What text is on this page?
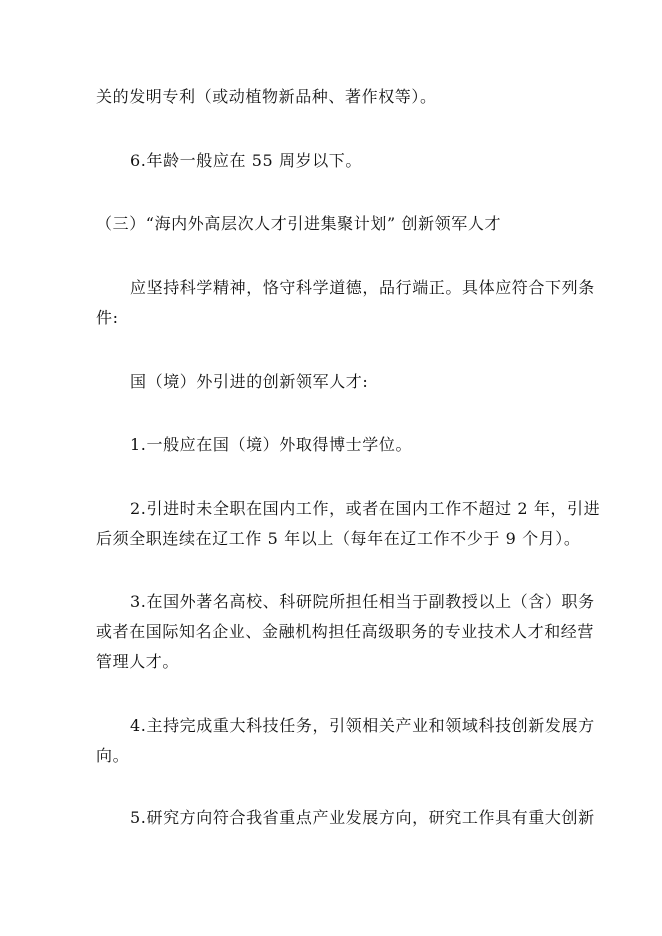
关的发明专利（或动植物新品种、著作权等）。
6.年龄一般应在 55 周岁以下。
（三）“海内外高层次人才引进集聚计划” 创新领军人才
应坚持科学精神，恪守科学道德，品行端正。具体应符合下列条
件:
国（境）外引进的创新领军人才:
1.一般应在国（境）外取得博士学位。
2.引进时未全职在国内工作，或者在国内工作不超过 2 年，引进
后须全职连续在辽工作 5 年以上（每年在辽工作不少于 9 个月）。
3.在国外著名高校、科研院所担任相当于副教授以上（含）职务
或者在国际知名企业、金融机构担任高级职务的专业技术人才和经营
管理人才。
4.主持完成重大科技任务，引领相关产业和领域科技创新发展方
向。
5.研究方向符合我省重点产业发展方向，研究工作具有重大创新
